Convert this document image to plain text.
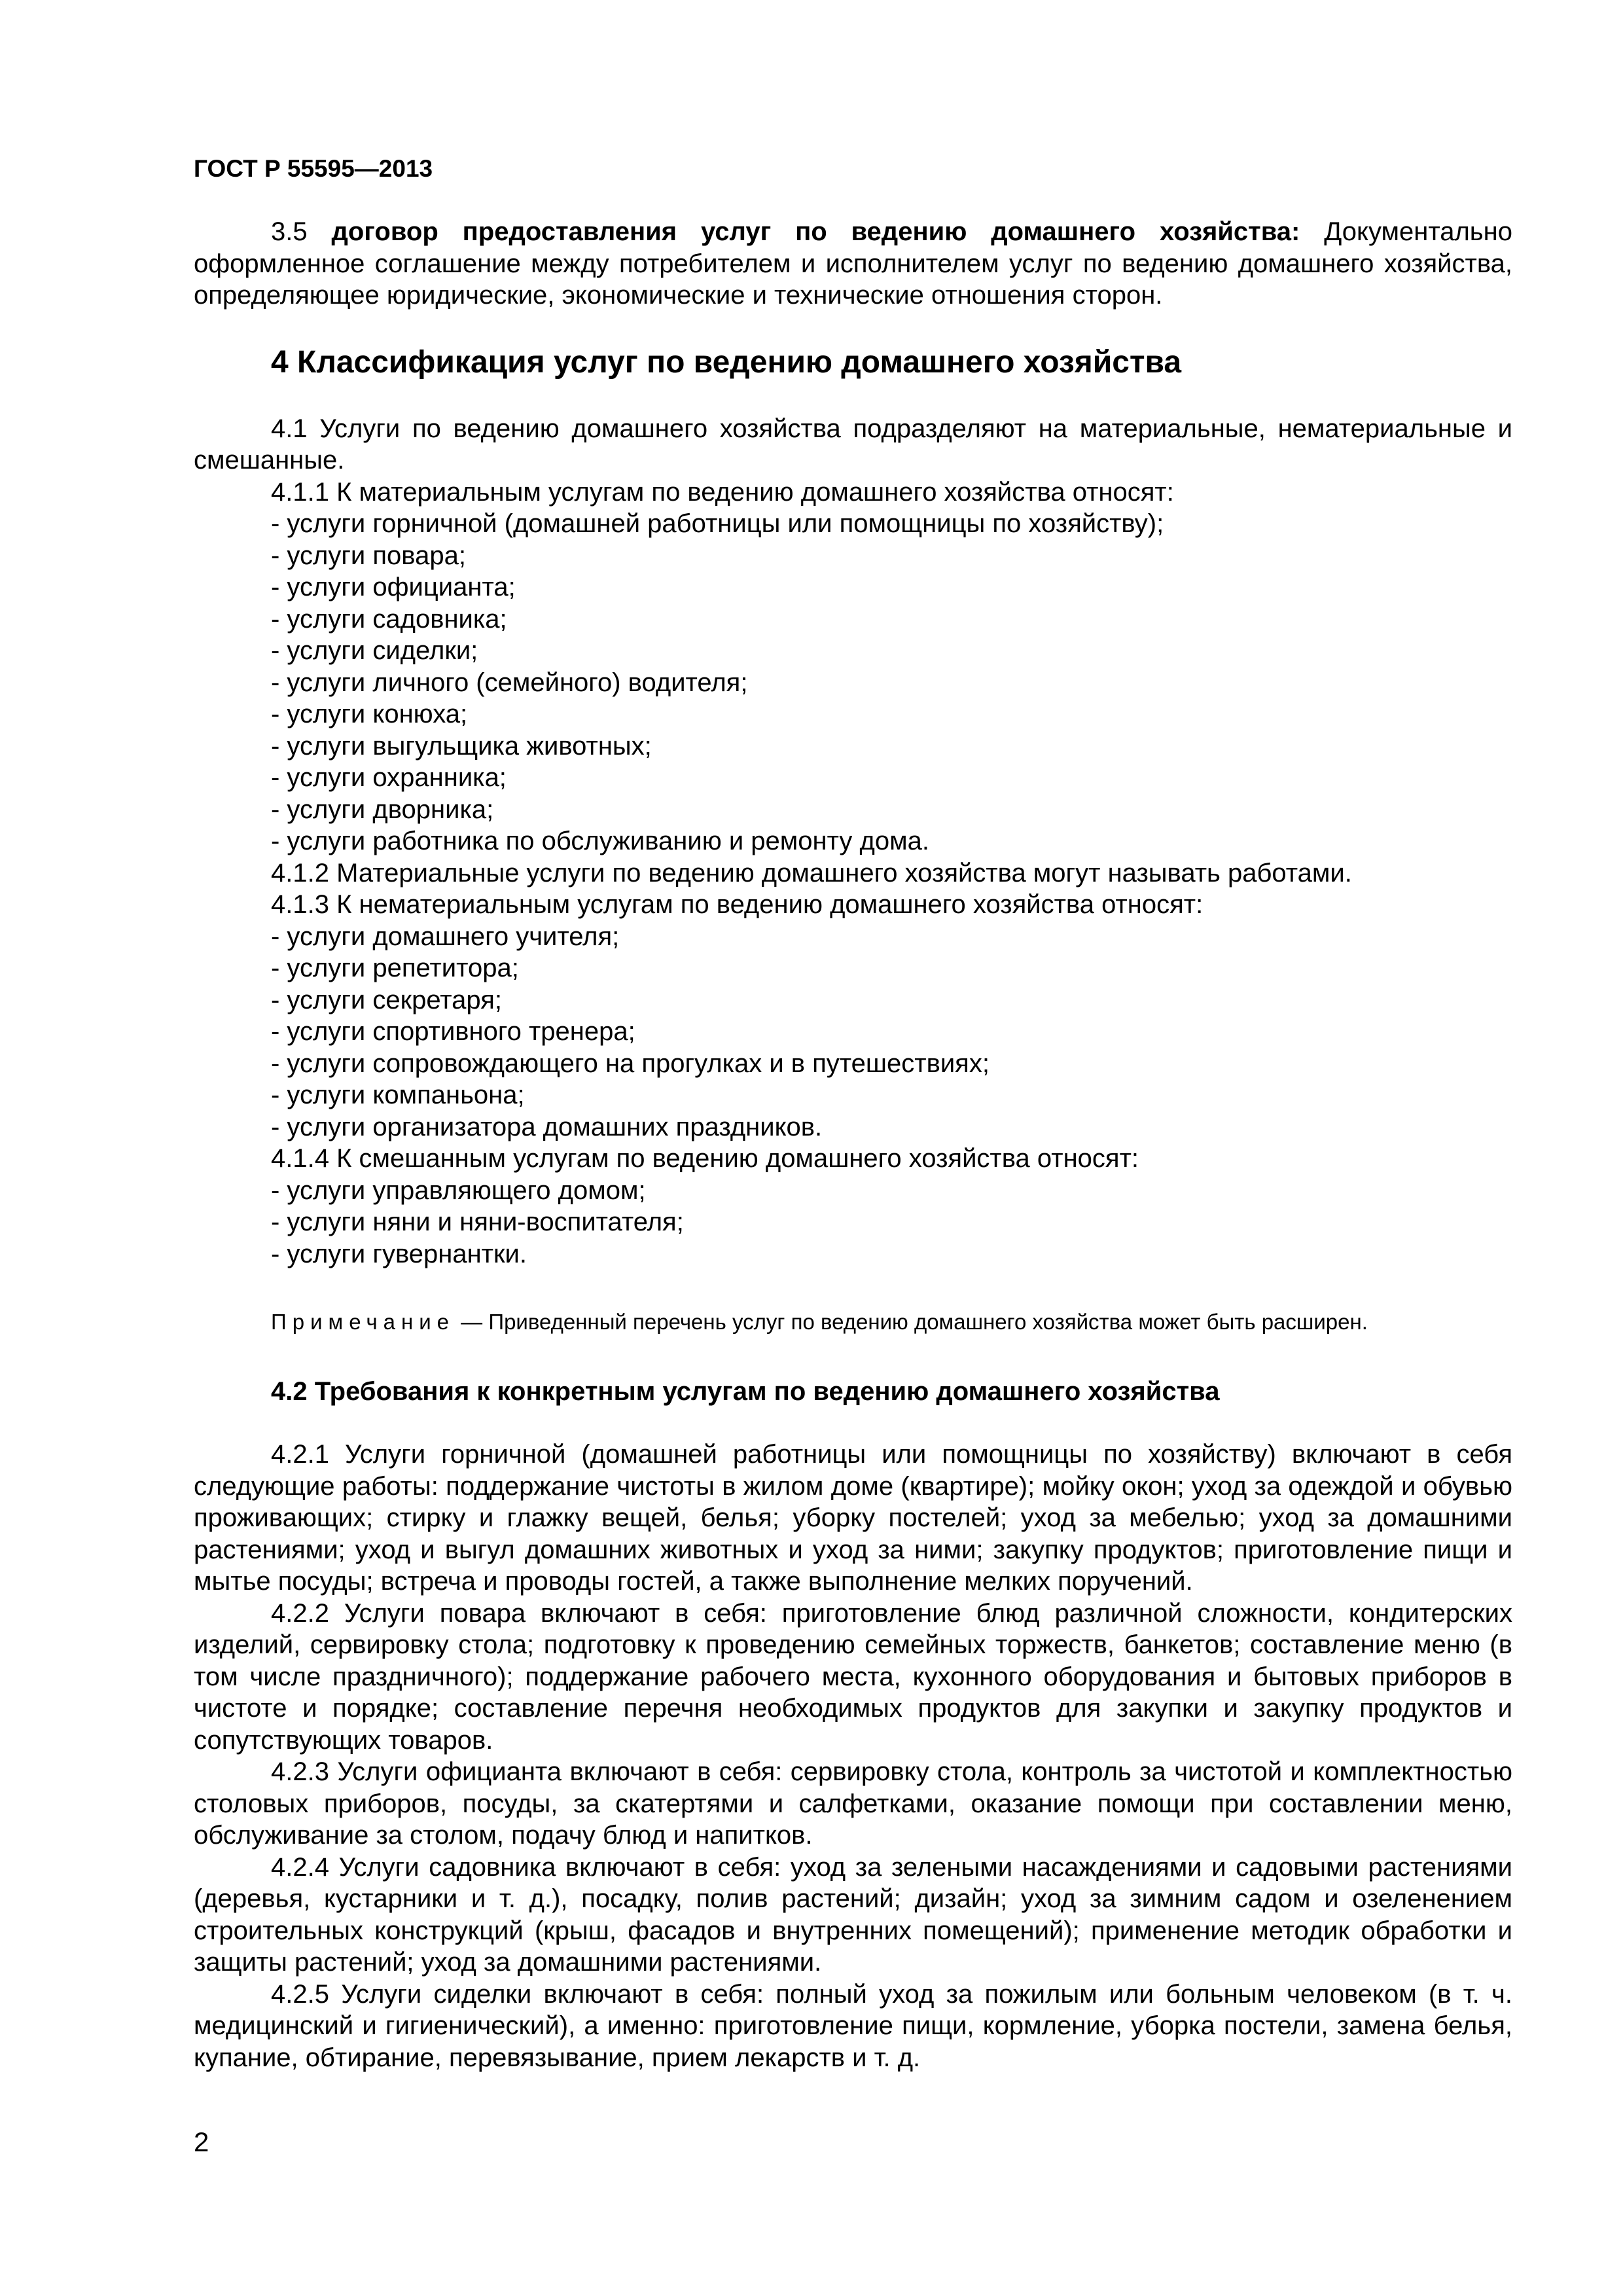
ГОСТ Р 55595—2013

3.5 договор предоставления услуг по ведению домашнего хозяйства: Документально оформленное соглашение между потребителем и исполнителем услуг по ведению домашнего хозяйства, определяющее юридические, экономические и технические отношения сторон.

4 Классификация услуг по ведению домашнего хозяйства

4.1 Услуги по ведению домашнего хозяйства подразделяют на материальные, нематериальные и смешанные.

4.1.1 К материальным услугам по ведению домашнего хозяйства относят:

- услуги горничной (домашней работницы или помощницы по хозяйству);

- услуги повара;

- услуги официанта;

- услуги садовника;

- услуги сиделки;

- услуги личного (семейного) водителя;

- услуги конюха;

- услуги выгульщика животных;

- услуги охранника;

- услуги дворника;

- услуги работника по обслуживанию и ремонту дома.

4.1.2 Материальные услуги по ведению домашнего хозяйства могут называть работами.

4.1.3 К нематериальным услугам по ведению домашнего хозяйства относят:

- услуги домашнего учителя;

- услуги репетитора;

- услуги секретаря;

- услуги спортивного тренера;

- услуги сопровождающего на прогулках и в путешествиях;

- услуги компаньона;

- услуги организатора домашних праздников.

4.1.4 К смешанным услугам по ведению домашнего хозяйства относят:

- услуги управляющего домом;

- услуги няни и няни-воспитателя;

- услуги гувернантки.

Примечание — Приведенный перечень услуг по ведению домашнего хозяйства может быть расширен.

4.2 Требования к конкретным услугам по ведению домашнего хозяйства

4.2.1 Услуги горничной (домашней работницы или помощницы по хозяйству) включают в себя следующие работы: поддержание чистоты в жилом доме (квартире); мойку окон; уход за одеждой и обувью проживающих; стирку и глажку вещей, белья; уборку постелей; уход за мебелью; уход за домашними растениями; уход и выгул домашних животных и уход за ними; закупку продуктов; приготовление пищи и мытье посуды; встреча и проводы гостей, а также выполнение мелких поручений.

4.2.2 Услуги повара включают в себя: приготовление блюд различной сложности, кондитерских изделий, сервировку стола; подготовку к проведению семейных торжеств, банкетов; составление меню (в том числе праздничного); поддержание рабочего места, кухонного оборудования и бытовых приборов в чистоте и порядке; составление перечня необходимых продуктов для закупки и закупку продуктов и сопутствующих товаров.

4.2.3 Услуги официанта включают в себя: сервировку стола, контроль за чистотой и комплектностью столовых приборов, посуды, за скатертями и салфетками, оказание помощи при составлении меню, обслуживание за столом, подачу блюд и напитков.

4.2.4 Услуги садовника включают в себя: уход за зелеными насаждениями и садовыми растениями (деревья, кустарники и т. д.), посадку, полив растений; дизайн; уход за зимним садом и озеленением строительных конструкций (крыш, фасадов и внутренних помещений); применение методик обработки и защиты растений; уход за домашними растениями.

4.2.5 Услуги сиделки включают в себя: полный уход за пожилым или больным человеком (в т. ч. медицинский и гигиенический), а именно: приготовление пищи, кормление, уборка постели, замена белья, купание, обтирание, перевязывание, прием лекарств и т. д.

2
